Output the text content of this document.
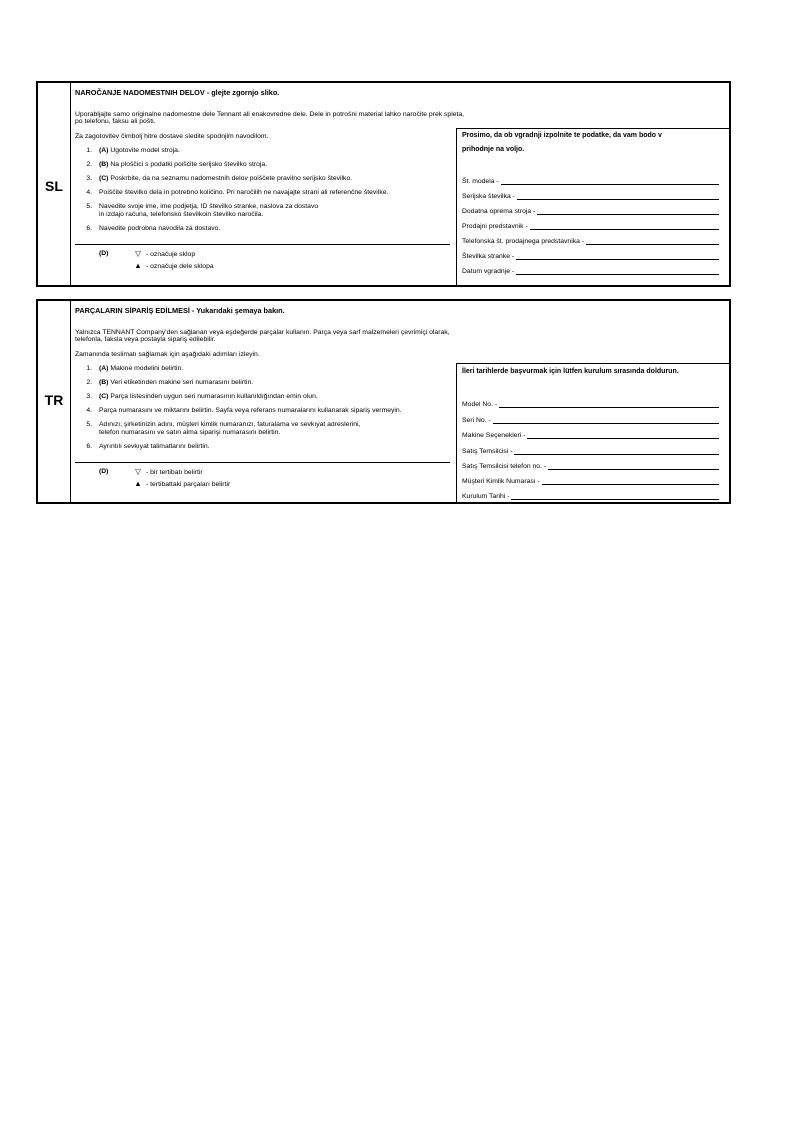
SL
NAROČANJE NADOMESTNIH DELOV - glejte zgornjo sliko.
Uporabljajte samo originalne nadomestne dele Tennant ali enakovredne dele. Dele in potrošni material lahko naročite prek spleta,
po telefonu, faksu ali pošti.
Za zagotovitev čimbolj hitre dostave sledite spodnjim navodilom.
1. (A) Ugotovite model stroja.
2. (B) Na ploščici s podatki poiščite serijsko številko stroja.
3. (C) Poskrbite, da na seznamu nadomestnih delov poiščete pravilno serijsko številko.
4. Poiščite številko dela in potrebno količino. Pri naročilih ne navajajte strani ali referenčne številke.
5. Navedite svoje ime, ime podjetja, ID številko stranke, naslova za dostavo
in izdajo računa, telefonsko številkoin številko naročila.
6. Navedite podrobna navodila za dostavo.
(D)	▽ - označuje sklop
▲ - označuje dele sklopa
Prosimo, da ob vgradnji izpolnite te podatke, da vam bodo v
prihodnje na voljo.
Št. modela -
Serijska številka -
Dodatna oprema stroja -
Prodajni predstavnik -
Telefonska št. prodajnega predstavnika -
Številka stranke -
Datum vgradnje -
TR
PARÇALARIN SİPARİŞ EDİLMESİ - Yukarıdaki şemaya bakın.
Yalnızca TENNANT Company'den sağlanan veya eşdeğerde parçalar kullanın. Parça veya sarf malzemeleri çevrimiçi olarak,
telefonla, faksla veya postayla sipariş edilebilir.
Zamanında teslimatı sağlamak için aşağıdaki adımları izleyin.
1. (A) Makine modelini belirtin.
2. (B) Veri etiketinden makine seri numarasını belirtin.
3. (C) Parça listesinden uygun seri numarasının kullanıldığından emin olun.
4. Parça numarasını ve miktarını belirtin. Sayfa veya referans numaralarını kullanarak sipariş vermeyin.
5. Adınızı, şirketinizin adını, müşteri kimlik numaranızı, faturalama ve sevkıyat adreslerini,
telefon numarasını ve satın alma siparişi numarasını belirtin.
6. Ayrıntılı sevkıyat talimatlarını belirtin.
(D)	▽ - bir tertibatı belirtir
▲ - tertibattaki parçaları belirtir
İleri tarihlerde başvurmak için lütfen kurulum sırasında doldurun.
Model No. -
Seri No. -
Makine Seçenekleri -
Satış Temsilcisi -
Satış Temsilcisi telefon no. -
Müşteri Kimlik Numarası -
Kurulum Tarihi -
